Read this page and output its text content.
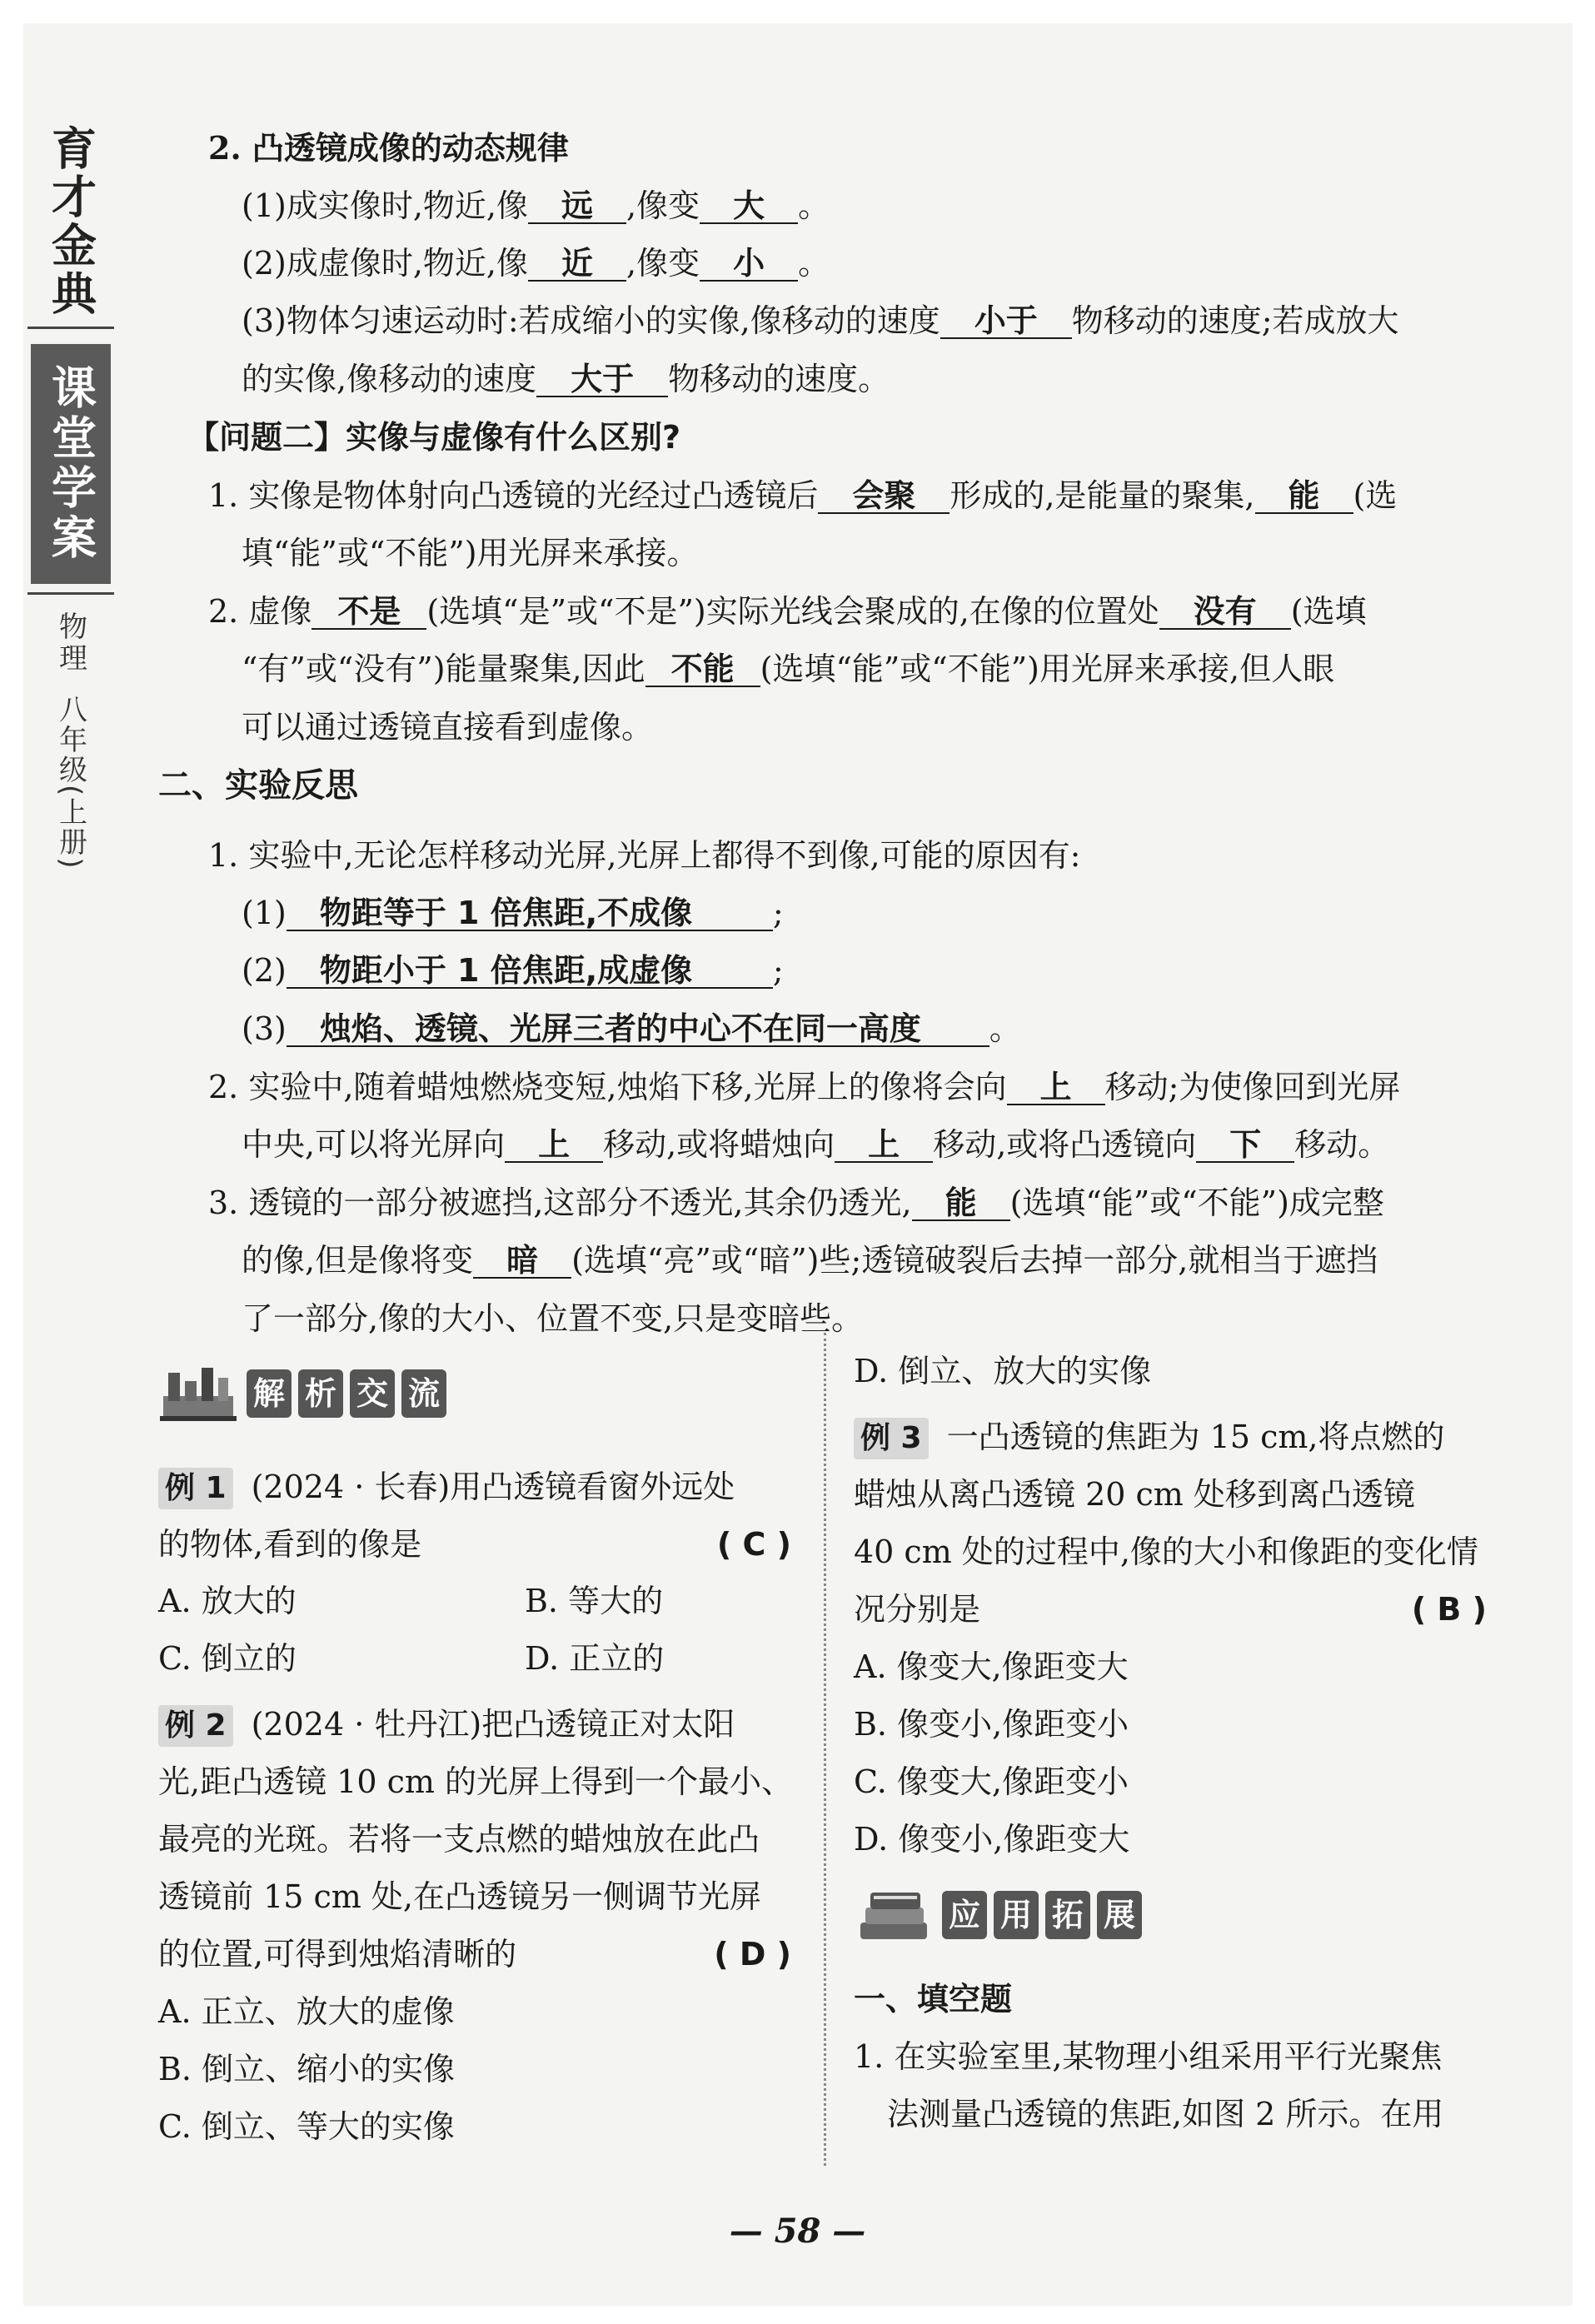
育才金典
课堂学案
物理
八年级(上册)
2. 凸透镜成像的动态规律
(1)成实像时,物近,像 远 ,像变 大 。
(2)成虚像时,物近,像 近 ,像变 小 。
(3)物体匀速运动时:若成缩小的实像,像移动的速度 小于 物移动的速度;若成放大
的实像,像移动的速度 大于 物移动的速度。
【问题二】实像与虚像有什么区别?
1. 实像是物体射向凸透镜的光经过凸透镜后 会聚 形成的,是能量的聚集, 能 (选
填“能”或“不能”)用光屏来承接。
2. 虚像 不是 (选填“是”或“不是”)实际光线会聚成的,在像的位置处 没有 (选填
“有”或“没有”)能量聚集,因此 不能 (选填“能”或“不能”)用光屏来承接,但人眼
可以通过透镜直接看到虚像。
二、实验反思
1. 实验中,无论怎样移动光屏,光屏上都得不到像,可能的原因有:
(1) 物距等于 1 倍焦距,不成像	;
(2) 物距小于 1 倍焦距,成虚像	;
(3) 烛焰、透镜、光屏三者的中心不在同一高度 。
2. 实验中,随着蜡烛燃烧变短,烛焰下移,光屏上的像将会向 上 移动;为使像回到光屏
中央,可以将光屏向 上 移动,或将蜡烛向 上 移动,或将凸透镜向 下 移动。
3. 透镜的一部分被遮挡,这部分不透光,其余仍透光, 能 (选填“能”或“不能”)成完整
的像,但是像将变 暗 (选填“亮”或“暗”)些;透镜破裂后去掉一部分,就相当于遮挡
了一部分,像的大小、位置不变,只是变暗些。
解 析 交 流
例 1 (2024 · 长春)用凸透镜看窗外远处
的物体,看到的像是	( C )
A. 放大的	B. 等大的
C. 倒立的	D. 正立的
例 2 (2024 · 牡丹江)把凸透镜正对太阳
光,距凸透镜 10 cm 的光屏上得到一个最小、
最亮的光斑。若将一支点燃的蜡烛放在此凸
透镜前 15 cm 处,在凸透镜另一侧调节光屏
的位置,可得到烛焰清晰的	( D )
A. 正立、放大的虚像
B. 倒立、缩小的实像
C. 倒立、等大的实像
D. 倒立、放大的实像
例 3 一凸透镜的焦距为 15 cm,将点燃的
蜡烛从离凸透镜 20 cm 处移到离凸透镜
40 cm 处的过程中,像的大小和像距的变化情
况分别是	( B )
A. 像变大,像距变大
B. 像变小,像距变小
C. 像变大,像距变小
D. 像变小,像距变大
应 用 拓 展
一、填空题
1. 在实验室里,某物理小组采用平行光聚焦
法测量凸透镜的焦距,如图 2 所示。在用
— 58 —
